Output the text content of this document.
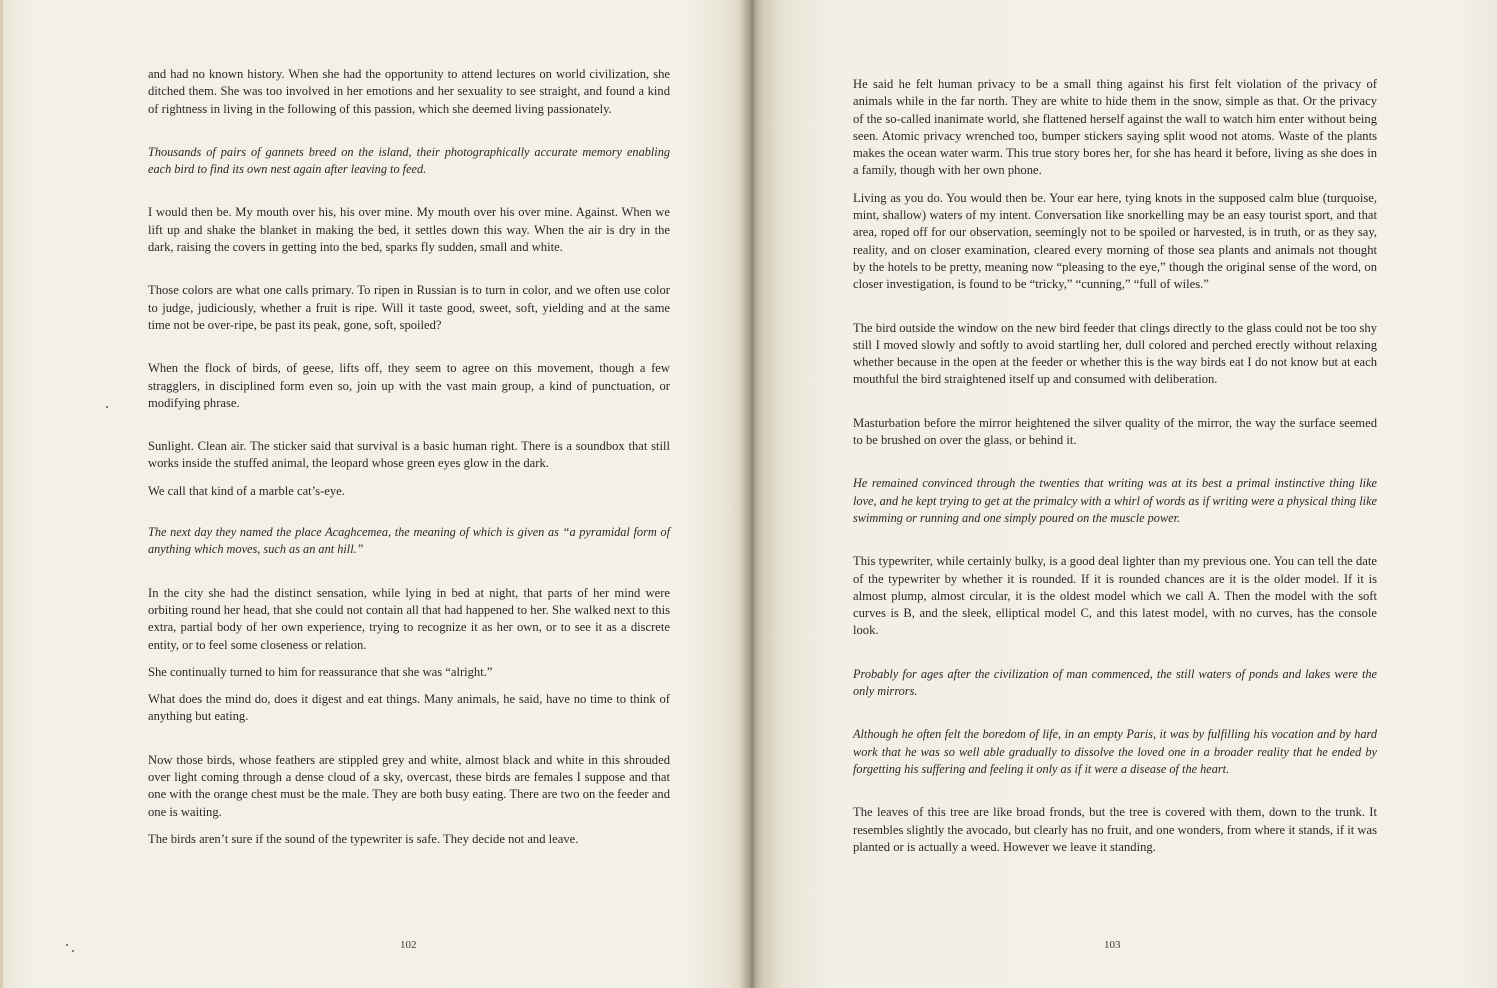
and had no known history. When she had the opportunity to attend lectures on world civilization, she ditched them. She was too involved in her emotions and her sexuality to see straight, and found a kind of rightness in living in the following of this passion, which she deemed living passionately.

Thousands of pairs of gannets breed on the island, their photographically accurate memory enabling each bird to find its own nest again after leaving to feed.

I would then be. My mouth over his, his over mine. My mouth over his over mine. Against. When we lift up and shake the blanket in making the bed, it settles down this way. When the air is dry in the dark, raising the covers in getting into the bed, sparks fly sudden, small and white.

Those colors are what one calls primary. To ripen in Russian is to turn in color, and we often use color to judge, judiciously, whether a fruit is ripe. Will it taste good, sweet, soft, yielding and at the same time not be over-ripe, be past its peak, gone, soft, spoiled?

When the flock of birds, of geese, lifts off, they seem to agree on this movement, though a few stragglers, in disciplined form even so, join up with the vast main group, a kind of punctuation, or modifying phrase.

Sunlight. Clean air. The sticker said that survival is a basic human right. There is a soundbox that still works inside the stuffed animal, the leopard whose green eyes glow in the dark.

We call that kind of a marble cat’s-eye.

The next day they named the place Acaghcemea, the meaning of which is given as “a pyramidal form of anything which moves, such as an ant hill.”

In the city she had the distinct sensation, while lying in bed at night, that parts of her mind were orbiting round her head, that she could not contain all that had happened to her. She walked next to this extra, partial body of her own experience, trying to recognize it as her own, or to see it as a discrete entity, or to feel some closeness or relation.

She continually turned to him for reassurance that she was “alright.”

What does the mind do, does it digest and eat things. Many animals, he said, have no time to think of anything but eating.

Now those birds, whose feathers are stippled grey and white, almost black and white in this shrouded over light coming through a dense cloud of a sky, overcast, these birds are females I suppose and that one with the orange chest must be the male. They are both busy eating. There are two on the feeder and one is waiting.

The birds aren’t sure if the sound of the typewriter is safe. They decide not and leave.

102

He said he felt human privacy to be a small thing against his first felt violation of the privacy of animals while in the far north. They are white to hide them in the snow, simple as that. Or the privacy of the so-called inanimate world, she flattened herself against the wall to watch him enter without being seen. Atomic privacy wrenched too, bumper stickers saying split wood not atoms. Waste of the plants makes the ocean water warm. This true story bores her, for she has heard it before, living as she does in a family, though with her own phone.

Living as you do. You would then be. Your ear here, tying knots in the supposed calm blue (turquoise, mint, shallow) waters of my intent. Conversation like snorkelling may be an easy tourist sport, and that area, roped off for our observation, seemingly not to be spoiled or harvested, is in truth, or as they say, reality, and on closer examination, cleared every morning of those sea plants and animals not thought by the hotels to be pretty, meaning now “pleasing to the eye,” though the original sense of the word, on closer investigation, is found to be “tricky,” “cunning,” “full of wiles.”

The bird outside the window on the new bird feeder that clings directly to the glass could not be too shy still I moved slowly and softly to avoid startling her, dull colored and perched erectly without relaxing whether because in the open at the feeder or whether this is the way birds eat I do not know but at each mouthful the bird straightened itself up and consumed with deliberation.

Masturbation before the mirror heightened the silver quality of the mirror, the way the surface seemed to be brushed on over the glass, or behind it.

He remained convinced through the twenties that writing was at its best a primal instinctive thing like love, and he kept trying to get at the primalcy with a whirl of words as if writing were a physical thing like swimming or running and one simply poured on the muscle power.

This typewriter, while certainly bulky, is a good deal lighter than my previous one. You can tell the date of the typewriter by whether it is rounded. If it is rounded chances are it is the older model. If it is almost plump, almost circular, it is the oldest model which we call A. Then the model with the soft curves is B, and the sleek, elliptical model C, and this latest model, with no curves, has the console look.

Probably for ages after the civilization of man commenced, the still waters of ponds and lakes were the only mirrors.

Although he often felt the boredom of life, in an empty Paris, it was by fulfilling his vocation and by hard work that he was so well able gradually to dissolve the loved one in a broader reality that he ended by forgetting his suffering and feeling it only as if it were a disease of the heart.

The leaves of this tree are like broad fronds, but the tree is covered with them, down to the trunk. It resembles slightly the avocado, but clearly has no fruit, and one wonders, from where it stands, if it was planted or is actually a weed. However we leave it standing.

103
